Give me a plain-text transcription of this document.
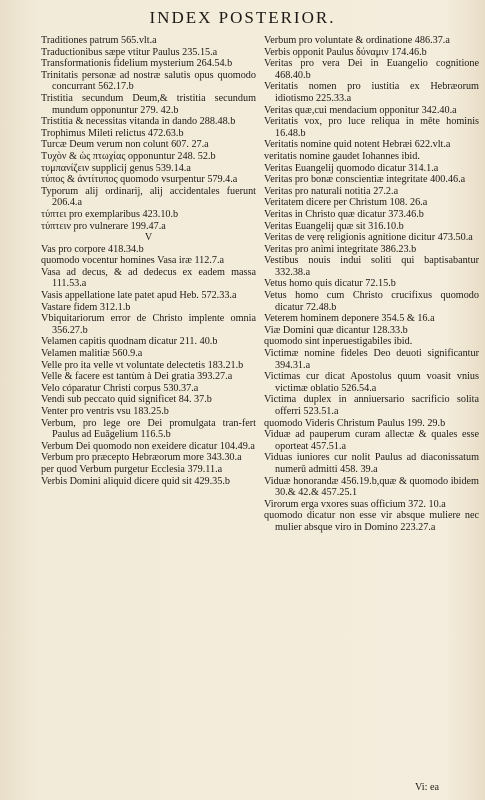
INDEX POSTERIOR.

Traditiones patrum 565.vlt.a

Traductionibus sæpe vtitur Paulus 235.15.a

Transformationis fidelium mysterium 264.54.b

Trinitatis personæ ad nostræ salutis opus quomodo concurrant 562.17.b

Tristitia secundum Deum,& tristitia secundum mundum opponuntur 279. 42.b

Tristitia & necessitas vitanda in dando 288.48.b

Trophimus Mileti relictus 472.63.b

Turcæ Deum verum non colunt 607. 27.a

Τυχὸν & ὡς πτωχίας opponuntur 248. 52.b

τυμπανίζειν supplicij genus 539.14.a

τύπος & ἀντίτυπος quomodo vsurpentur 579.4.a

Typorum alij ordinarij, alij accidentales fuerunt 206.4.a

τύπτει pro exemplaribus 423.10.b

τύπτειν pro vulnerare 199.47.a

V

Vas pro corpore 418.34.b

quomodo vocentur homines Vasa iræ 112.7.a

Vasa ad decus, & ad dedecus ex eadem massa 111.53.a

Vasis appellatione late patet apud Heb. 572.33.a

Vastare fidem 312.1.b

Vbiquitariorum error de Christo implente omnia 356.27.b

Velamen capitis quodnam dicatur 211. 40.b

Velamen malitiæ 560.9.a

Velle pro ita velle vt voluntate delectetis 183.21.b

Velle & facere est tantùm à Dei gratia 393.27.a

Velo cóparatur Christi corpus 530.37.a

Vendi sub peccato quid significet 84. 37.b

Venter pro ventris vsu 183.25.b

Verbum, pro lege ore Dei promulgata tran-fert Paulus ad Euāgelium 116.5.b

Verbum Dei quomodo non exeidere dicatur 104.49.a

Verbum pro præcepto Hebræorum more 343.30.a

per quod Verbum purgetur Ecclesia 379.11.a

Verbis Domini aliquid dicere quid sit 429.35.b

Verbum pro voluntate & ordinatione 486.37.a

Verbis opponit Paulus δύναμιν 174.46.b

Veritas pro vera Dei in Euangelio cognitione 468.40.b

Veritatis nomen pro iustitia ex Hebræorum idiotismo 225.33.a

Veritas quæ,cui mendacium opponitur 342.40.a

Veritatis vox, pro luce reliqua in mēte hominis 16.48.b

Veritatis nomine quid notent Hebræi 622.vlt.a

veritatis nomine gaudet Iohannes ibid.

Veritas Euangelij quomodo dicatur 314.1.a

Veritas pro bonæ conscientiæ integritate 400.46.a

Veritas pro naturali notitia 27.2.a

Veritatem dicere per Christum 108. 26.a

Veritas in Christo quæ dicatur 373.46.b

Veritas Euangelij quæ sit 316.10.b

Veritas de verę religionis agnitione dicitur 473.50.a

Veritas pro animi integritate 386.23.b

Vestibus nouis indui soliti qui baptisabantur 332.38.a

Vetus homo quis dicatur 72.15.b

Vetus homo cum Christo crucifixus quomodo dicatur 72.48.b

Veterem hominem deponere 354.5 & 16.a

Viæ Domini quæ dicantur 128.33.b

quomodo sint inperuestigabiles ibid.

Victimæ nomine fideles Deo deuoti significantur 394.31.a

Victimas cur dicat Apostolus quum voasit vnius victimæ oblatio 526.54.a

Victima duplex in anniuersario sacrificio solita offerri 523.51.a

quomodo Videris Christum Paulus 199. 29.b

Viduæ ad pauperum curam allectæ & quales esse oporteat 457.51.a

Viduas iuniores cur nolit Paulus ad diaconissatum numerū admitti 458. 39.a

Viduæ honorandæ 456.19.b,quæ & quomodo ibidem 30.& 42.& 457.25.1

Virorum erga vxores suas officium 372. 10.a

quomodo dicatur non esse vir absque muliere nec mulier absque viro in Domino 223.27.a

Vi: ea
